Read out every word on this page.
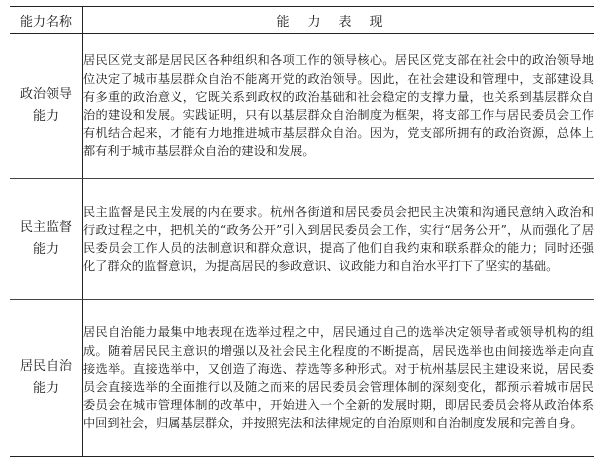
能力名称	能力表现

政治领导
能力	居民区党支部是居民区各种组织和各项工作的领导核心。居民区党支部在社会中的政治领导地位决定了城市基层群众自治不能离开党的政治领导。因此，在社会建设和管理中，支部建设具有多重的政治意义，它既关系到政权的政治基础和社会稳定的支撑力量，也关系到基层群众自治的建设和发展。实践证明，只有以基层群众自治制度为框架，将支部工作与居民委员会工作有机结合起来，才能有力地推进城市基层群众自治。因为，党支部所拥有的政治资源，总体上都有利于城市基层群众自治的建设和发展。

民主监督
能力	民主监督是民主发展的内在要求。杭州各街道和居民委员会把民主决策和沟通民意纳入政治和行政过程之中，把机关的“政务公开”引入到居民委员会工作，实行“居务公开”，从而强化了居民委员会工作人员的法制意识和群众意识，提高了他们自我约束和联系群众的能力；同时还强化了群众的监督意识，为提高居民的参政意识、议政能力和自治水平打下了坚实的基础。

居民自治
能力	居民自治能力最集中地表现在选举过程之中，居民通过自己的选举决定领导者或领导机构的组成。随着居民民主意识的增强以及社会民主化程度的不断提高，居民选举也由间接选举走向直接选举。直接选举中，又创造了海选、荐选等多种形式。对于杭州基层民主建设来说，居民委员会直接选举的全面推行以及随之而来的居民委员会管理体制的深刻变化，都预示着城市居民委员会在城市管理体制的改革中，开始进入一个全新的发展时期，即居民委员会将从政治体系中回到社会，归属基层群众，并按照宪法和法律规定的自治原则和自治制度发展和完善自身。
